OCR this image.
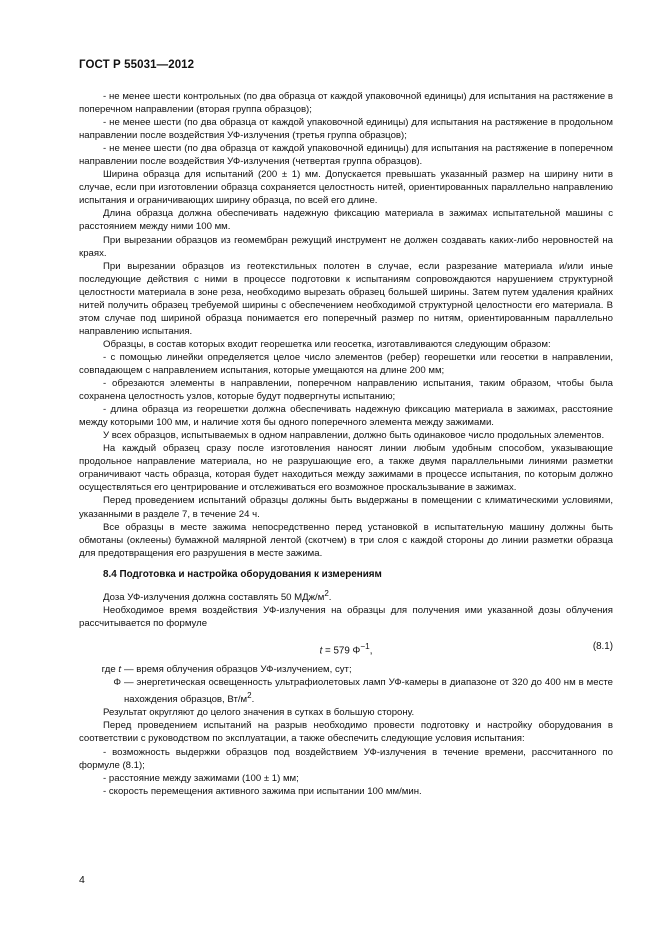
ГОСТ Р 55031—2012

- не менее шести контрольных (по два образца от каждой упаковочной единицы) для испытания на растяжение в поперечном направлении (вторая группа образцов);

- не менее шести (по два образца от каждой упаковочной единицы) для испытания на растяжение в продольном направлении после воздействия УФ-излучения (третья группа образцов);

- не менее шести (по два образца от каждой упаковочной единицы) для испытания на растяжение в поперечном направлении после воздействия УФ-излучения (четвертая группа образцов).

Ширина образца для испытаний (200 ± 1) мм. Допускается превышать указанный размер на ширину нити в случае, если при изготовлении образца сохраняется целостность нитей, ориентированных параллельно направлению испытания и ограничивающих ширину образца, по всей его длине.

Длина образца должна обеспечивать надежную фиксацию материала в зажимах испытательной машины с расстоянием между ними 100 мм.

При вырезании образцов из геомембран режущий инструмент не должен создавать каких-либо неровностей на краях.

При вырезании образцов из геотекстильных полотен в случае, если разрезание материала и/или иные последующие действия с ними в процессе подготовки к испытаниям сопровождаются нарушением структурной целостности материала в зоне реза, необходимо вырезать образец большей ширины. Затем путем удаления крайних нитей получить образец требуемой ширины с обеспечением необходимой структурной целостности его материала. В этом случае под шириной образца понимается его поперечный размер по нитям, ориентированным параллельно направлению испытания.

Образцы, в состав которых входит георешетка или геосетка, изготавливаются следующим образом:

- с помощью линейки определяется целое число элементов (ребер) георешетки или геосетки в направлении, совпадающем с направлением испытания, которые умещаются на длине 200 мм;

- обрезаются элементы в направлении, поперечном направлению испытания, таким образом, чтобы была сохранена целостность узлов, которые будут подвергнуты испытанию;

- длина образца из георешетки должна обеспечивать надежную фиксацию материала в зажимах, расстояние между которыми 100 мм, и наличие хотя бы одного поперечного элемента между зажимами.

У всех образцов, испытываемых в одном направлении, должно быть одинаковое число продольных элементов.

На каждый образец сразу после изготовления наносят линии любым удобным способом, указывающие продольное направление материала, но не разрушающие его, а также двумя параллельными линиями разметки ограничивают часть образца, которая будет находиться между зажимами в процессе испытания, по которым должно осуществляться его центрирование и отслеживаться его возможное проскальзывание в зажимах.

Перед проведением испытаний образцы должны быть выдержаны в помещении с климатическими условиями, указанными в разделе 7, в течение 24 ч.

Все образцы в месте зажима непосредственно перед установкой в испытательную машину должны быть обмотаны (оклеены) бумажной малярной лентой (скотчем) в три слоя с каждой стороны до линии разметки образца для предотвращения его разрушения в месте зажима.

8.4 Подготовка и настройка оборудования к измерениям

Доза УФ-излучения должна составлять 50 МДж/$м^2$.

Необходимое время воздействия УФ-излучения на образцы для получения ими указанной дозы облучения рассчитывается по формуле

t = 579 $\Phi^{-1}$,	(8.1)

где t — время облучения образцов УФ-излучением, сут;

Φ — энергетическая освещенность ультрафиолетовых ламп УФ-камеры в диапазоне от 320 до 400 нм в месте нахождения образцов, $Вт/м^2$.

Результат округляют до целого значения в сутках в большую сторону.

Перед проведением испытаний на разрыв необходимо провести подготовку и настройку оборудования в соответствии с руководством по эксплуатации, а также обеспечить следующие условия испытания:

- возможность выдержки образцов под воздействием УФ-излучения в течение времени, рассчитанного по формуле (8.1);

- расстояние между зажимами (100 ± 1) мм;

- скорость перемещения активного зажима при испытании 100 мм/мин.

4
